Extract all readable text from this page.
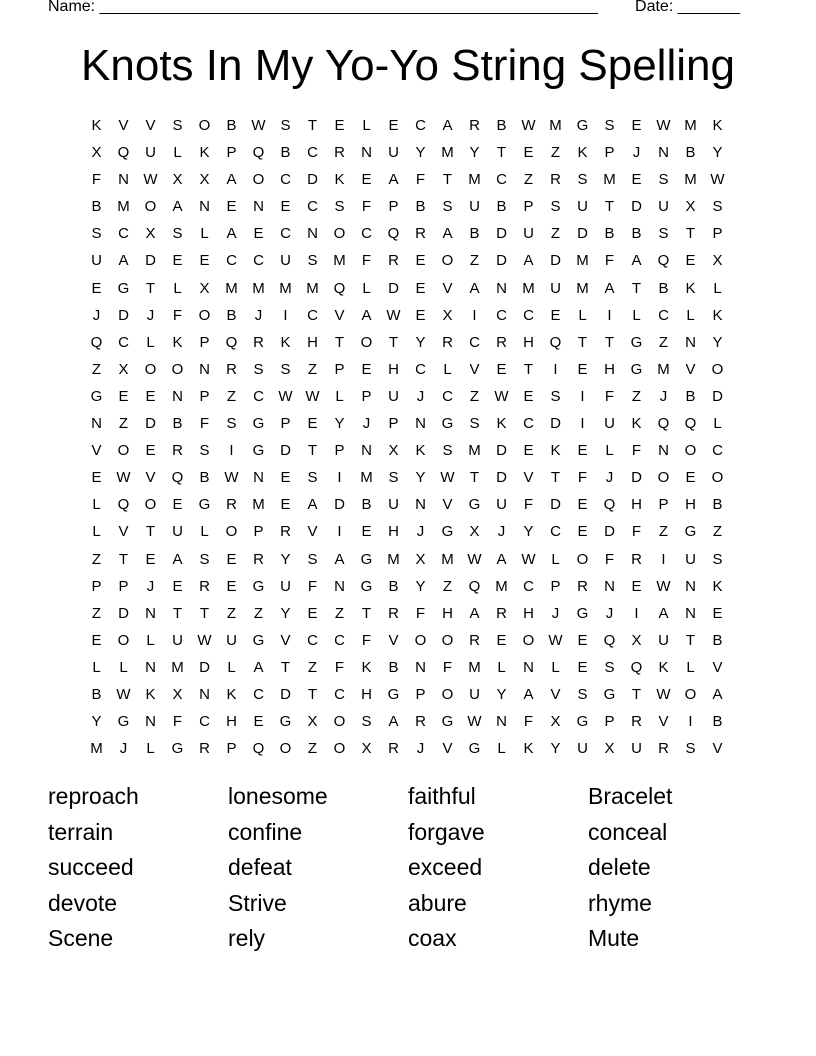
Name: ________________________________________________________ Date: _______
Knots In My Yo-Yo String Spelling
K	V	V	S	O	B W S	T	E	L	E	C	A	R	B W M G	S	E W M	K
X	Q	U	L	K	P	Q	B	C	R	N	U	Y	M	Y	T	E	Z	K	P	J	N	B	Y
F	N W X	X	A	O	C	D	K	E	A	F	T	M	C	Z	R	S	M	E	S	M W
B	M O	A	N	E	N	E	C	S	F	P	B	S	U	B	P	S	U	T	D	U	X	S
S	C	X	S	L	A	E	C	N	O	C	Q	R	A	B	D	U	Z	D	B	B	S	T	P
U	A	D	E	E	C	C	U	S	M	F	R	E	O	Z	D	A	D	M	F	A	Q	E	X
E	G	T	L	X	M M M M Q	L	D	E	V	A	N	M	U	M	A	T	B	K	L
J	D	J	F	O	B	J	I	C	V	A W E	X	I	C	C	E	L	I	L	C	L	K
Q	C	L	K	P	Q	R	K	H	T	O	T	Y	R	C	R	H	Q	T	T	G	Z	N	Y
Z	X	O	O	N	R	S	S	Z	P	E	H	C	L	V	E	T	I	E	H	G M	V	O
G	E	E	N	P	Z	C W W	L	P	U	J	C	Z	W E	S	I	F	Z	J	B	D
N	Z	D	B	F	S	G	P	E	Y	J	P	N	G	S	K	C	D	I	U	K	Q	Q	L
V	O	E	R	S	I	G	D	T	P	N	X	K	S	M	D	E	K	E	L	F	N	O	C
E W V	Q	B W N	E	S	I	M	S	Y W	T	D	V	T	F	J	D	O	E	O
L	Q	O	E	G	R	M	E	A	D	B	U	N	V	G	U	F	D	E	Q	H	P	H	B
L	V	T	U	L	O	P	R	V	I	E	H	J	G	X	J	Y	C	E	D	F	Z	G	Z
Z	T	E	A	S	E	R	Y	S	A	G M	X	M W A W	L	O	F	R	I	U	S
P	P	J	E	R	E	G	U	F	N	G	B	Y	Z	Q M	C	P	R	N	E W N	K
Z	D	N	T	T	Z	Z	Y	E	Z	T	R	F	H	A	R	H	J	G	J	I	A	N	E
E	O	L	U W U	G	V	C	C	F	V	O	O	R	E	O W E	Q	X	U	T	B
L	L	N	M	D	L	A	T	Z	F	K	B	N	F	M	L	N	L	E	S	Q	K	L	V
B W K	X	N	K	C	D	T	C	H	G	P	O	U	Y	A	V	S	G	T	W O	A
Y	G	N	F	C	H	E	G	X	O	S	A	R	G W N	F	X	G	P	R	V	I	B
M	J	L	G	R	P	Q	O	Z	O	X	R	J	V	G	L	K	Y	U	X	U	R	S	V
reproach	lonesome	faithful	Bracelet
terrain	confine	forgave	conceal
succeed	defeat	exceed	delete
devote	Strive	abure	rhyme
Scene	rely	coax	Mute
